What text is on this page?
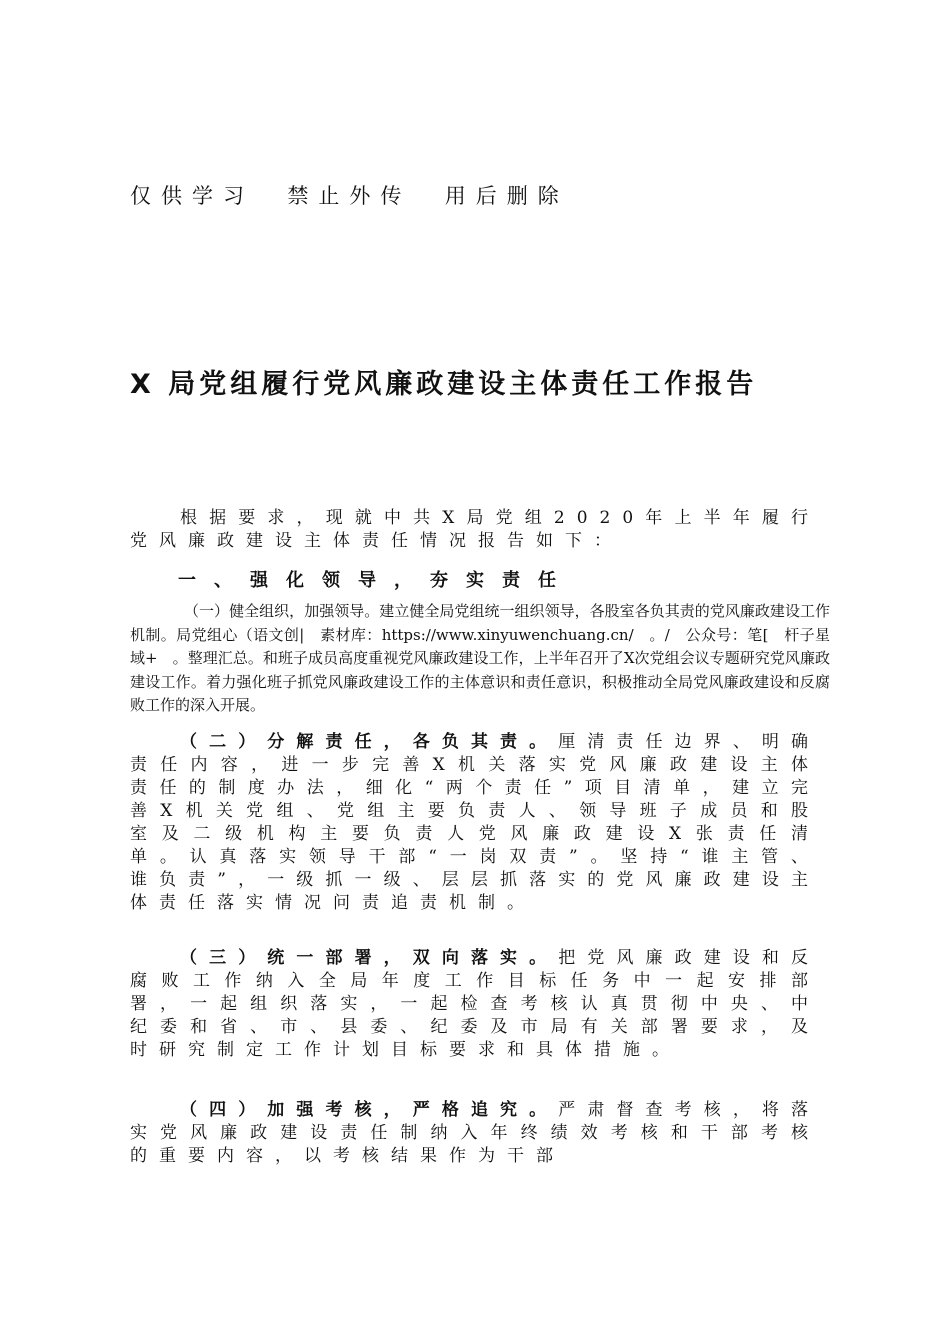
仅供学习  禁止外传  用后删除
X 局党组履行党风廉政建设主体责任工作报告
根据要求，现就中共X局党组2020年上半年履行党风廉政建设主体责任情况报告如下：
一、强化领导，夯实责任
（一）健全组织，加强领导。建立健全局党组统一组织领导，各股室各负其责的党风廉政建设工作机制。局党组心（语文创|　素材库：https://www.xinyuwenchuang.cn/　。/　公众号：笔[　杆子星域+　。整理汇总。和班子成员高度重视党风廉政建设工作，上半年召开了X次党组会议专题研究党风廉政建设工作。着力强化班子抓党风廉政建设工作的主体意识和责任意识，积极推动全局党风廉政建设和反腐败工作的深入开展。
（二）分解责任，各负其责。厘清责任边界、明确责任内容，进一步完善X机关落实党风廉政建设主体责任的制度办法，细化“两个责任”项目清单，建立完善X机关党组、党组主要负责人、领导班子成员和股室及二级机构主要负责人党风廉政建设X张责任清单。认真落实领导干部“一岗双责”。坚持“谁主管、谁负责”，一级抓一级、层层抓落实的党风廉政建设主体责任落实情况问责追责机制。
（三）统一部署，双向落实。把党风廉政建设和反腐败工作纳入全局年度工作目标任务中一起安排部署，一起组织落实，一起检查考核认真贯彻中央、中纪委和省、市、县委、纪委及市局有关部署要求，及时研究制定工作计划目标要求和具体措施。
（四）加强考核，严格追究。严肃督查考核，将落实党风廉政建设责任制纳入年终绩效考核和干部考核的重要内容，以考核结果作为干部
